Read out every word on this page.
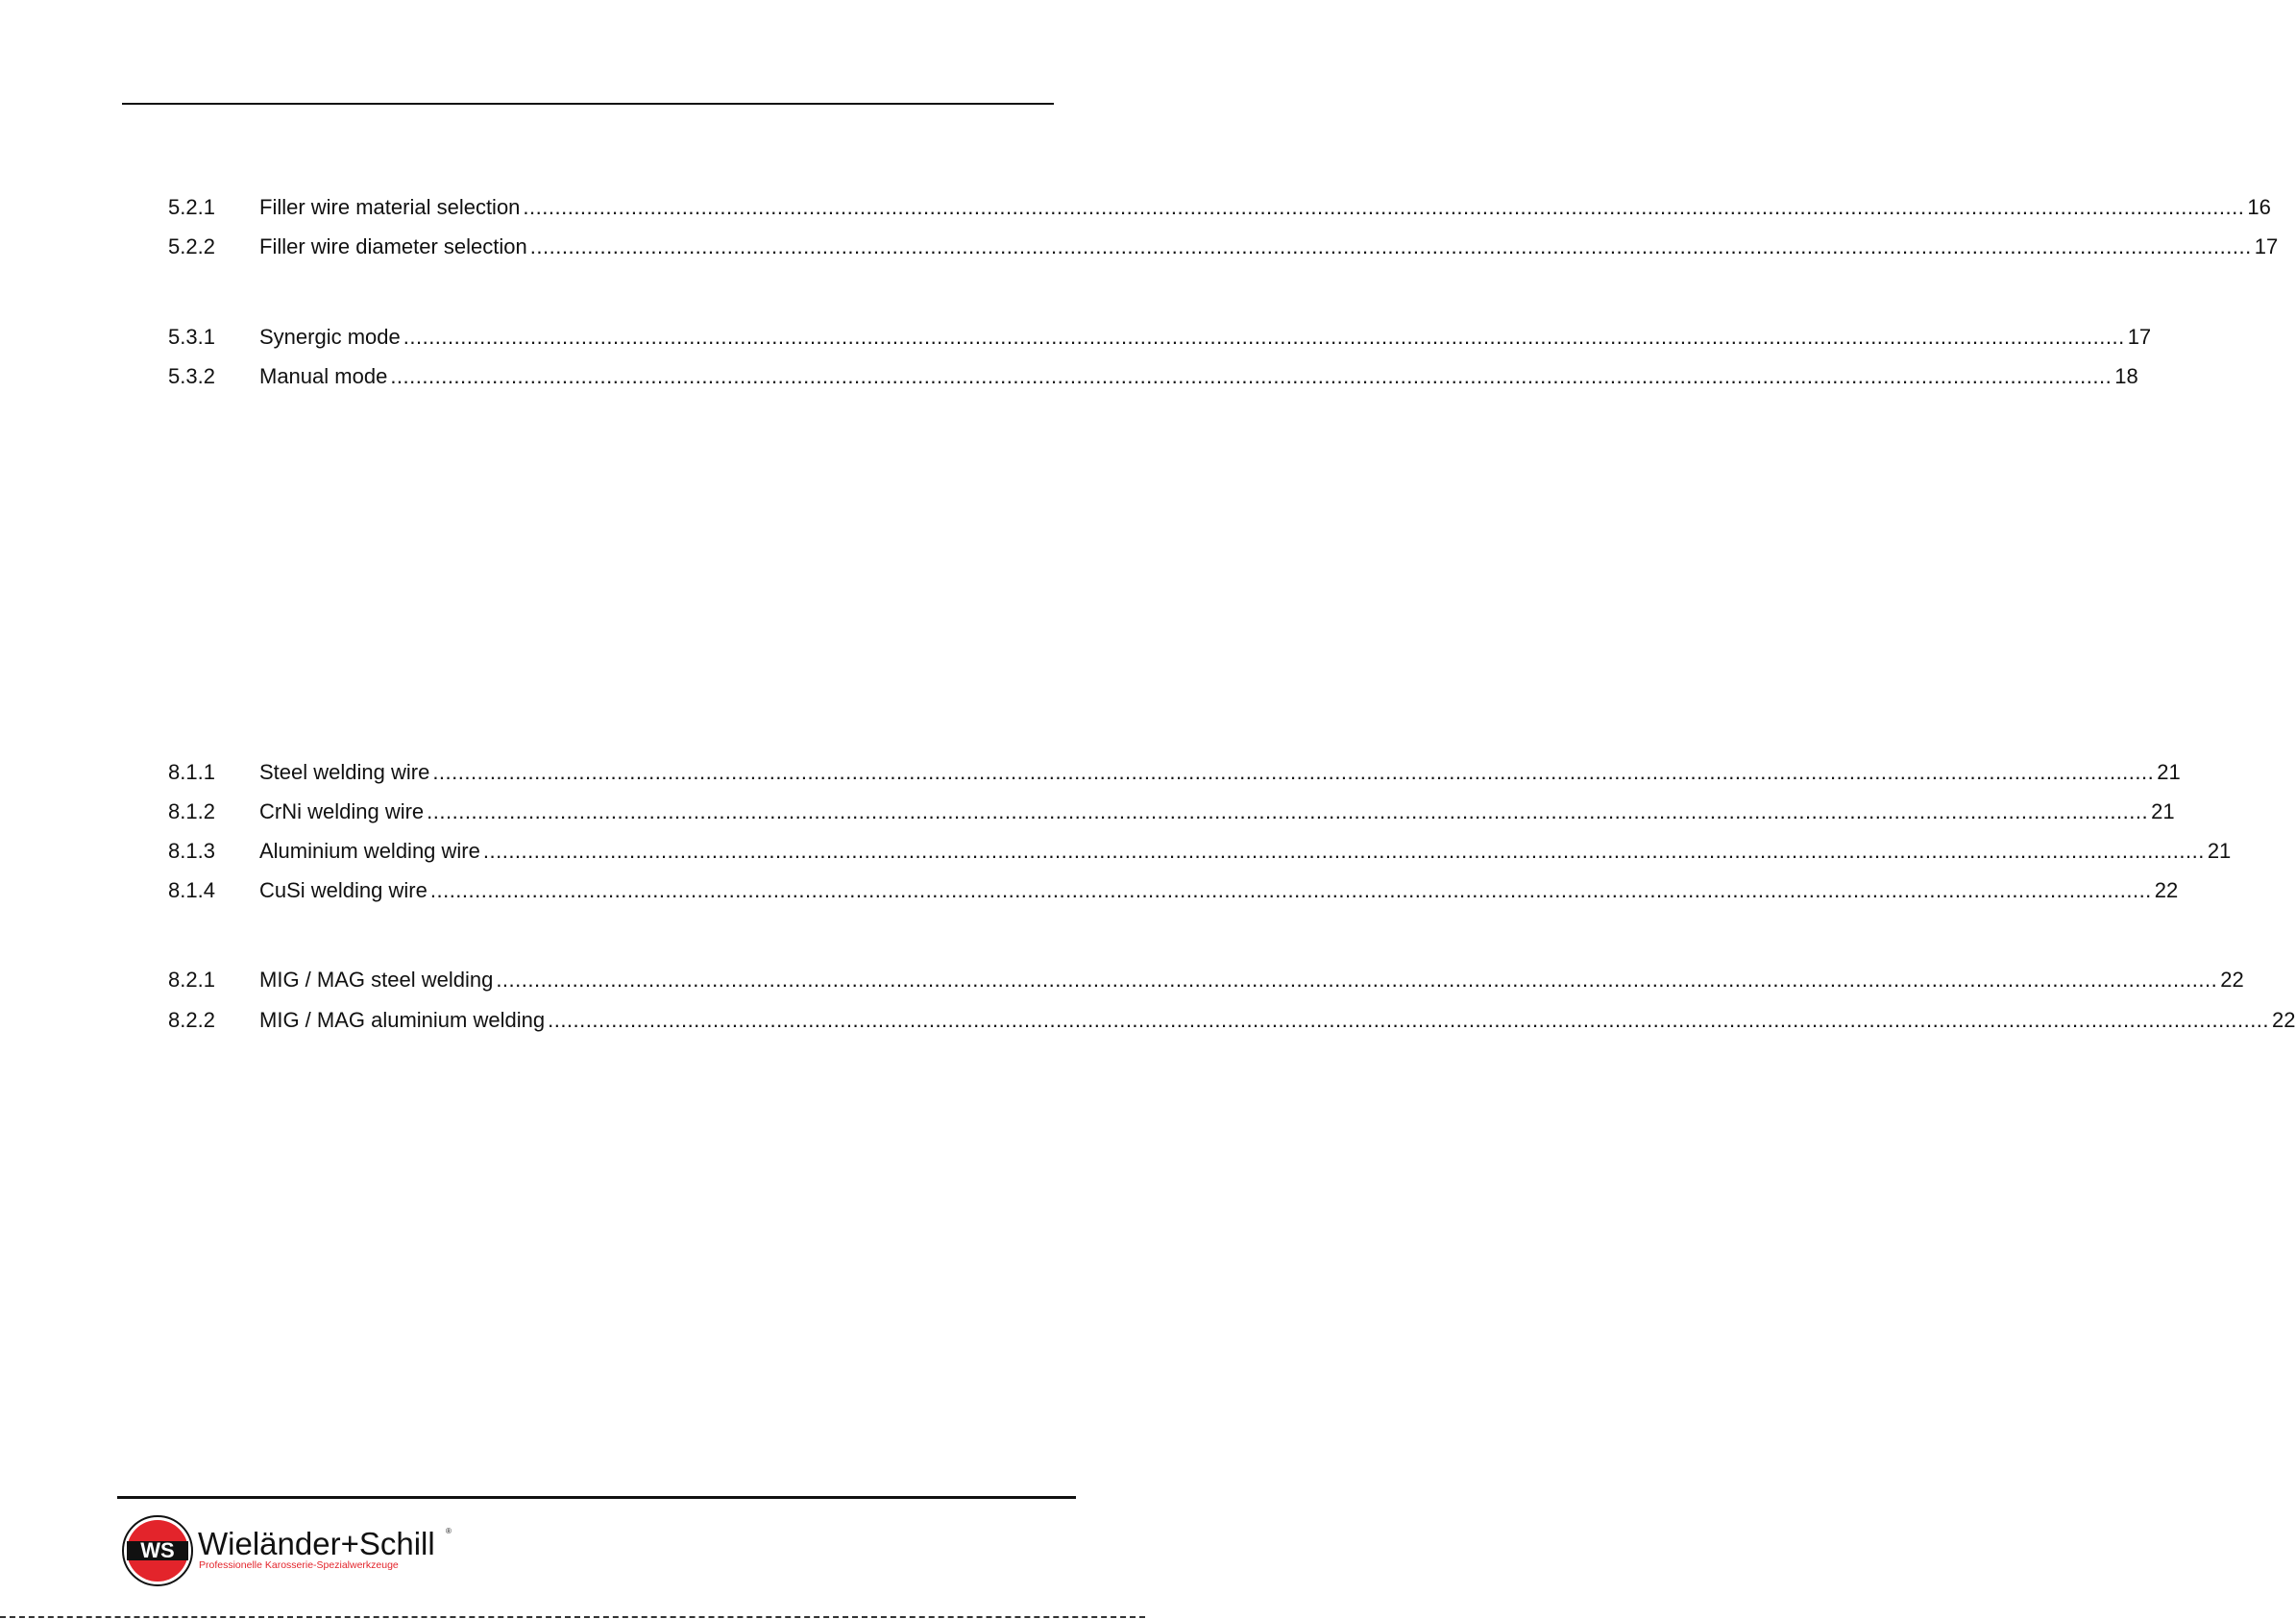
5.2.1 Filler wire material selection ............................................................................................................................................................................................................................................................................... 16
5.2.2 Filler wire diameter selection ............................................................................................................................................................................................................................................................................... 17
5.3.1 Synergic mode ............................................................................................................................................................................................................................................................................... 17
5.3.2 Manual mode ............................................................................................................................................................................................................................................................................... 18
8.1.1 Steel welding wire ............................................................................................................................................................................................................................................................................... 21
8.1.2 CrNi welding wire ............................................................................................................................................................................................................................................................................... 21
8.1.3 Aluminium welding wire ............................................................................................................................................................................................................................................................................... 21
8.1.4 CuSi welding wire ............................................................................................................................................................................................................................................................................... 22
8.2.1 MIG / MAG steel welding ............................................................................................................................................................................................................................................................................... 22
8.2.2 MIG / MAG aluminium welding ............................................................................................................................................................................................................................................................................... 22
WS Wieländer+Schill ®
Professionelle Karosserie-Spezialwerkzeuge
